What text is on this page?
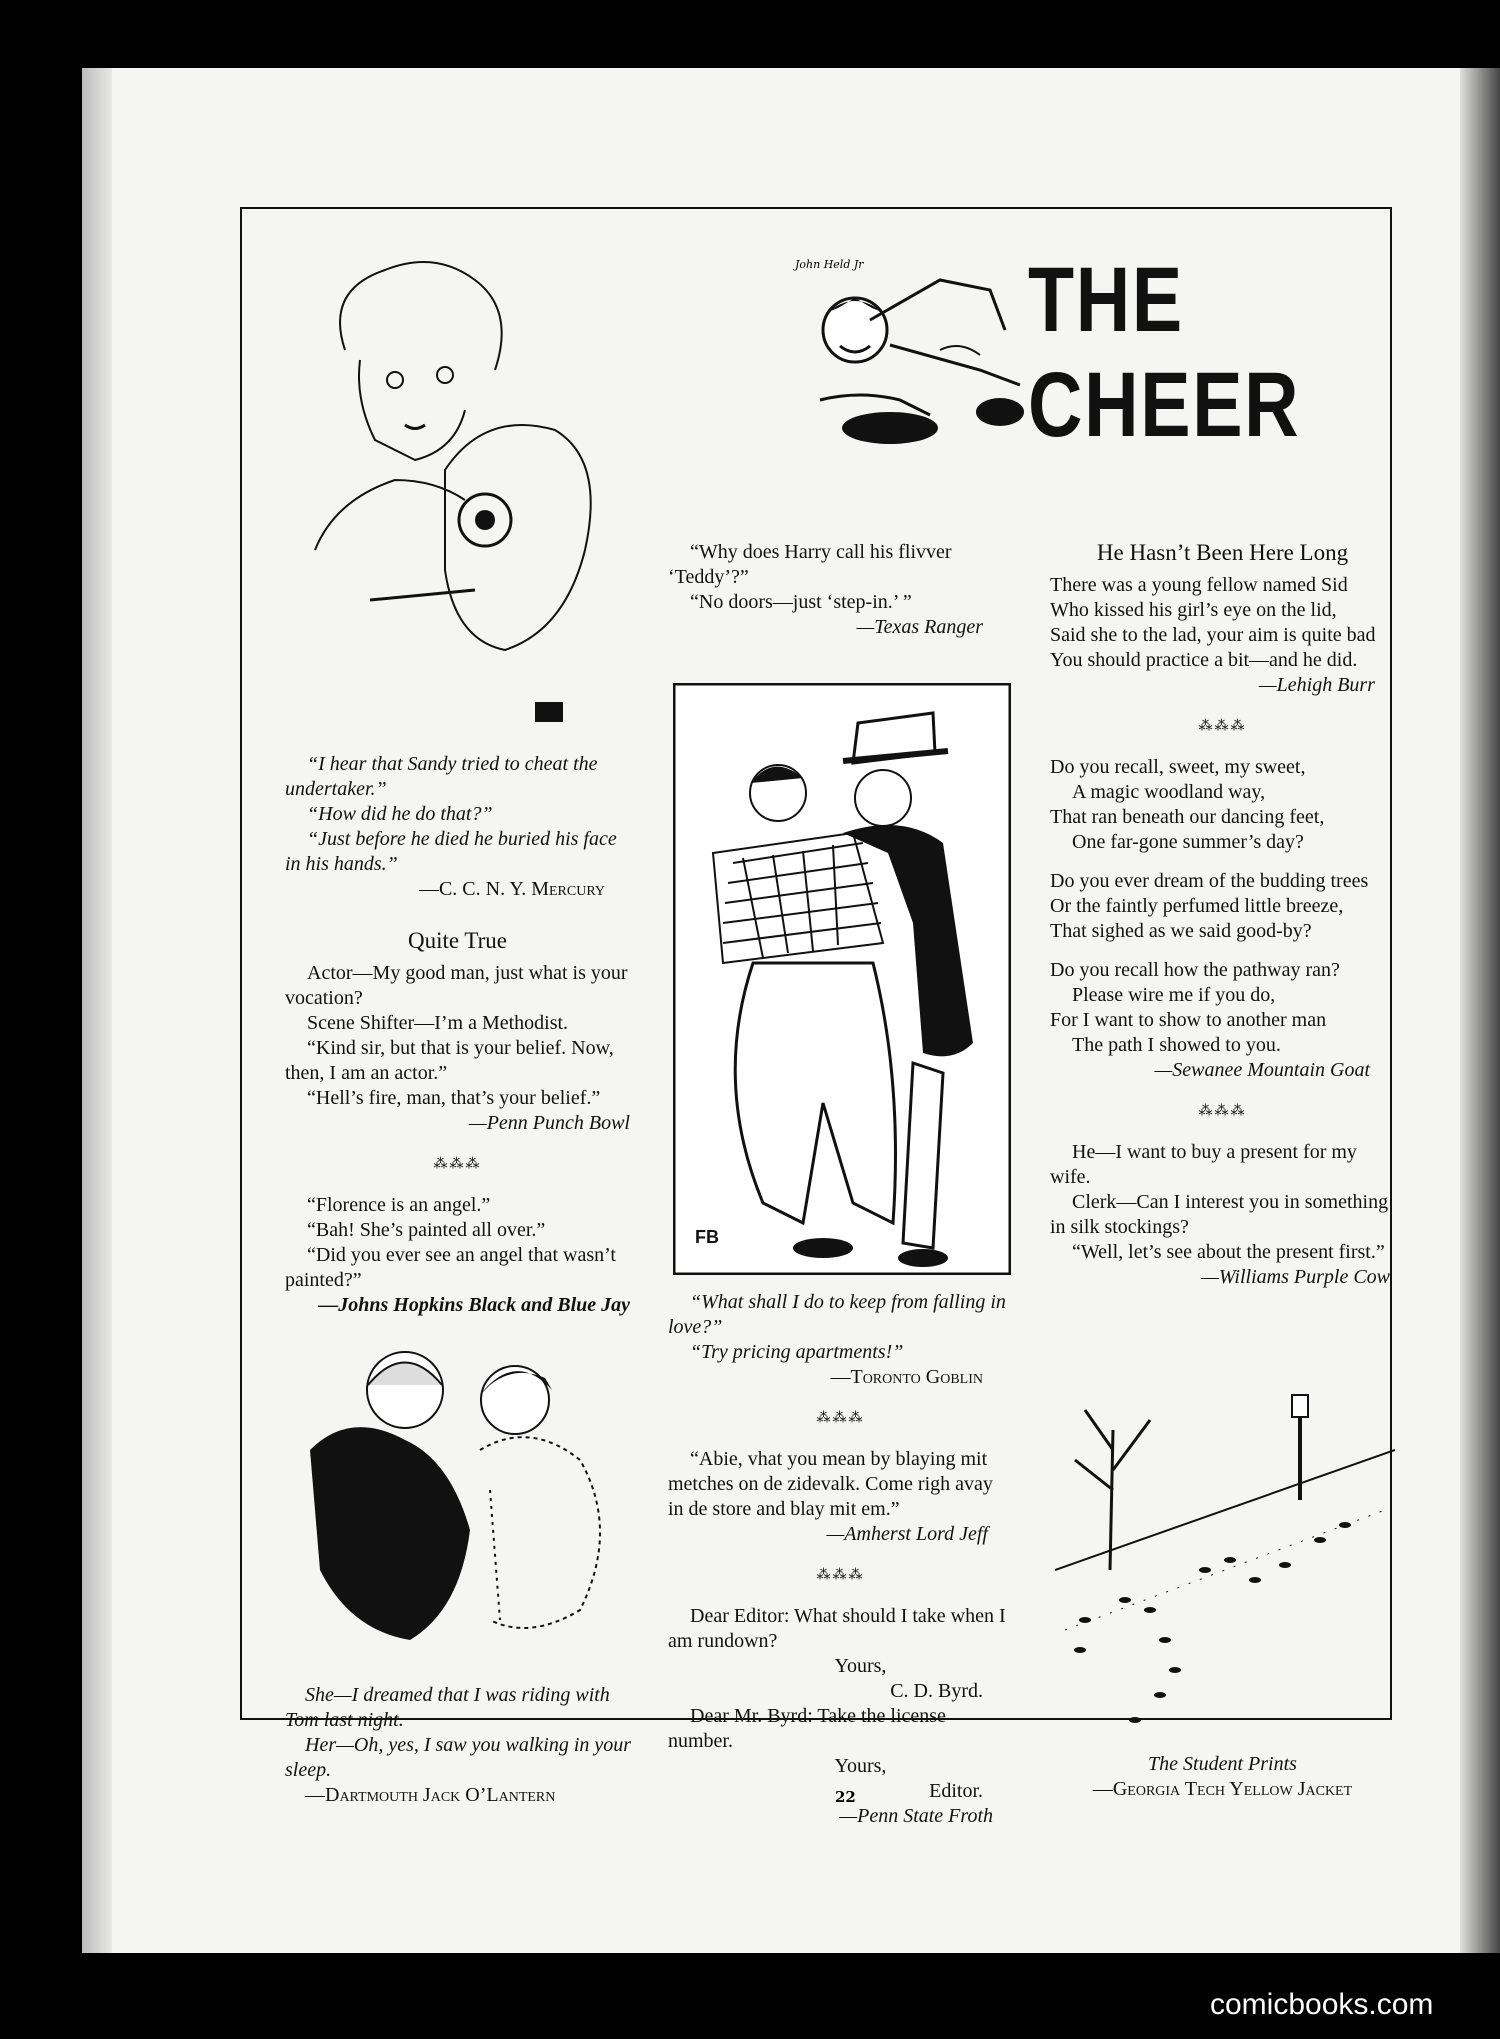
John Held Jr THE CHEER

“I hear that Sandy tried to cheat the undertaker.”

“How did he do that?”

“Just before he died he buried his face in his hands.”

—C. C. N. Y. Mercury

Quite True

Actor—My good man, just what is your vocation?

Scene Shifter—I’m a Methodist.

“Kind sir, but that is your belief. Now, then, I am an actor.”

“Hell’s fire, man, that’s your belief.”

—Penn Punch Bowl

⁂⁂⁂

“Florence is an angel.”

“Bah! She’s painted all over.”

“Did you ever see an angel that wasn’t painted?”

—Johns Hopkins Black and Blue Jay

She—I dreamed that I was riding with Tom last night.

Her—Oh, yes, I saw you walking in your sleep.

—Dartmouth Jack O’Lantern

“Why does Harry call his flivver ‘Teddy’?”

“No doors—just ‘step-in.’ ”

—Texas Ranger

FB

“What shall I do to keep from falling in love?”

“Try pricing apartments!”

—Toronto Goblin

⁂⁂⁂

“Abie, vhat you mean by blaying mit metches on de zidevalk. Come righ avay in de store and blay mit em.”

—Amherst Lord Jeff

⁂⁂⁂

Dear Editor: What should I take when I am rundown?

Yours,

C. D. Byrd.

Dear Mr. Byrd: Take the license number.

Yours,

Editor.

—Penn State Froth

He Hasn’t Been Here Long

There was a young fellow named Sid

Who kissed his girl’s eye on the lid,

Said she to the lad, your aim is quite bad

You should practice a bit—and he did.

—Lehigh Burr

⁂⁂⁂

Do you recall, sweet, my sweet,

A magic woodland way,

That ran beneath our dancing feet,

One far-gone summer’s day?

Do you ever dream of the budding trees

Or the faintly perfumed little breeze,

That sighed as we said good-by?

Do you recall how the pathway ran?

Please wire me if you do,

For I want to show to another man

The path I showed to you.

—Sewanee Mountain Goat

⁂⁂⁂

He—I want to buy a present for my wife.

Clerk—Can I interest you in something in silk stockings?

“Well, let’s see about the present first.”

—Williams Purple Cow

The Student Prints

—Georgia Tech Yellow Jacket

22
comicbooks.com
